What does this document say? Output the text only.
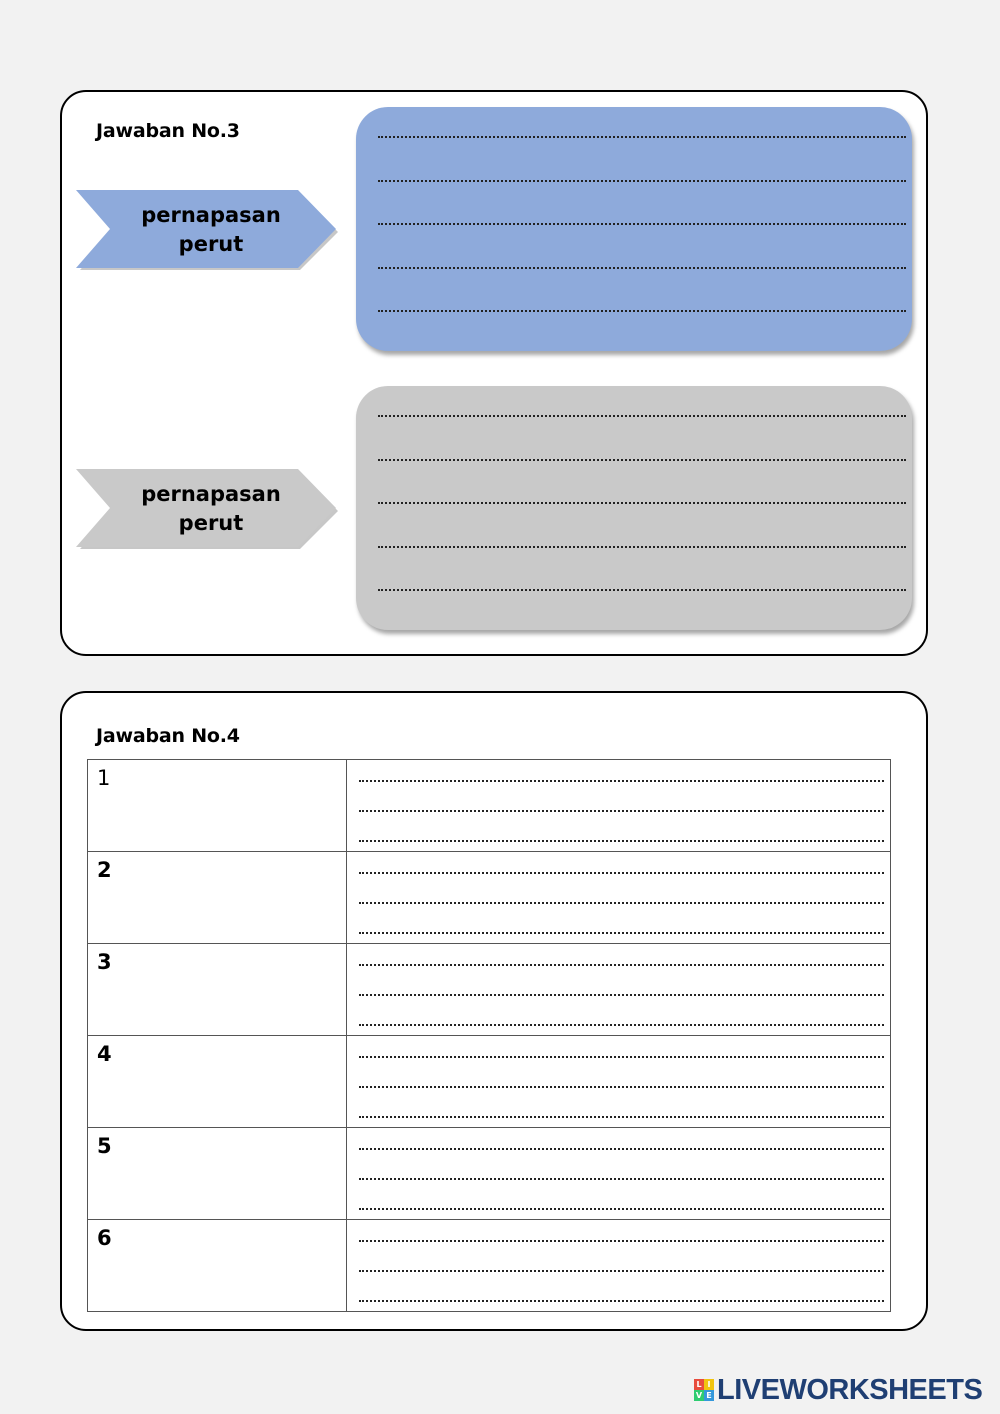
Jawaban No.3
pernapasan
perut
pernapasan
perut
Jawaban No.4
1	

2	

3	

4	

5	

6	

L I
V E LIVEWORKSHEETS
